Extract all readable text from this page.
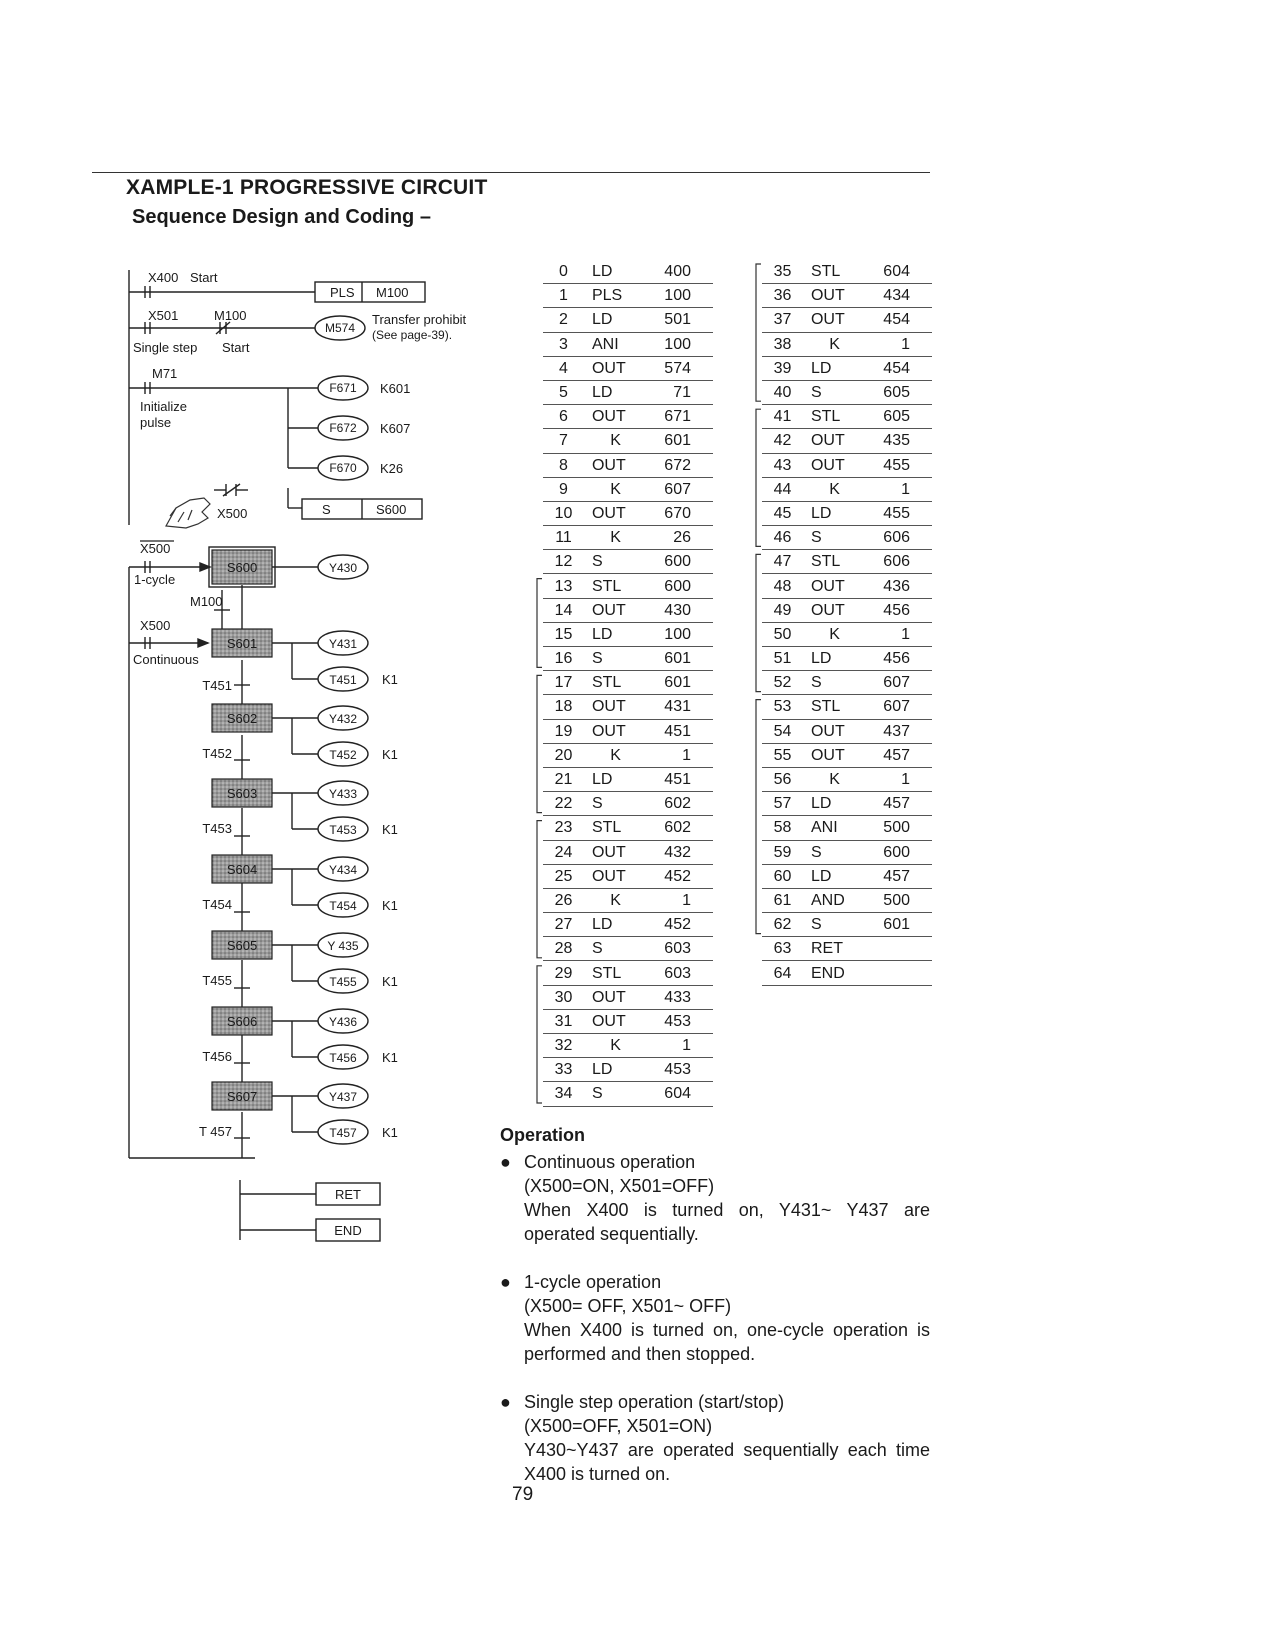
XAMPLE-1 PROGRESSIVE CIRCUIT
Sequence Design and Coding –
PLS M100
M574
Transfer prohibit
(See page-39).
F671 K601
F672 K607
F670 K26
S	S600
X400 Start
X501	M100
Single step Start
M71
Initialize
pulse
X500
S600	Y430
S601	Y431
T451 K1
T451
S602	Y432
T452 K1
T452
S603	Y433
T453 K1
T453
S604	Y434
T454 K1
T454
S605	Y 435
T455 K1
T455
S606	Y436
T456 K1
T456
S607	Y437
T457 K1
T 457
X500
1-cycle
M100
X500
Continuous
RET
END
0	LD	400
1	PLS	100
2	LD	501
3	ANI	100
4	OUT	574
5	LD	71
6	OUT	671
7	K	601
8	OUT	672
9	K	607
10	OUT	670
11	K	26
12	S	600
13	STL	600
14	OUT	430
15	LD	100
16	S	601
17	STL	601
18	OUT	431
19	OUT	451
20	K	1
21	LD	451
22	S	602
23	STL	602
24	OUT	432
25	OUT	452
26	K	1
27	LD	452
28	S	603
29	STL	603
30	OUT	433
31	OUT	453
32	K	1
33	LD	453
34	S	604
35	STL	604
36	OUT	434
37	OUT	454
38	K	1
39	LD	454
40	S	605
41	STL	605
42	OUT	435
43	OUT	455
44	K	1
45	LD	455
46	S	606
47	STL	606
48	OUT	436
49	OUT	456
50	K	1
51	LD	456
52	S	607
53	STL	607
54	OUT	437
55	OUT	457
56	K	1
57	LD	457
58	ANI	500
59	S	600
60	LD	457
61	AND	500
62	S	601
63	RET	
64	END	
Operation
● Continuous operation
(X500=ON, X501=OFF)
When X400 is turned on, Y431~ Y437 are operated sequentially.
● 1-cycle operation
(X500= OFF, X501~ OFF)
When X400 is turned on, one-cycle operation is performed and then stopped.
● Single step operation (start/stop)
(X500=OFF, X501=ON)
Y430~Y437 are operated sequentially each time X400 is turned on.
79
